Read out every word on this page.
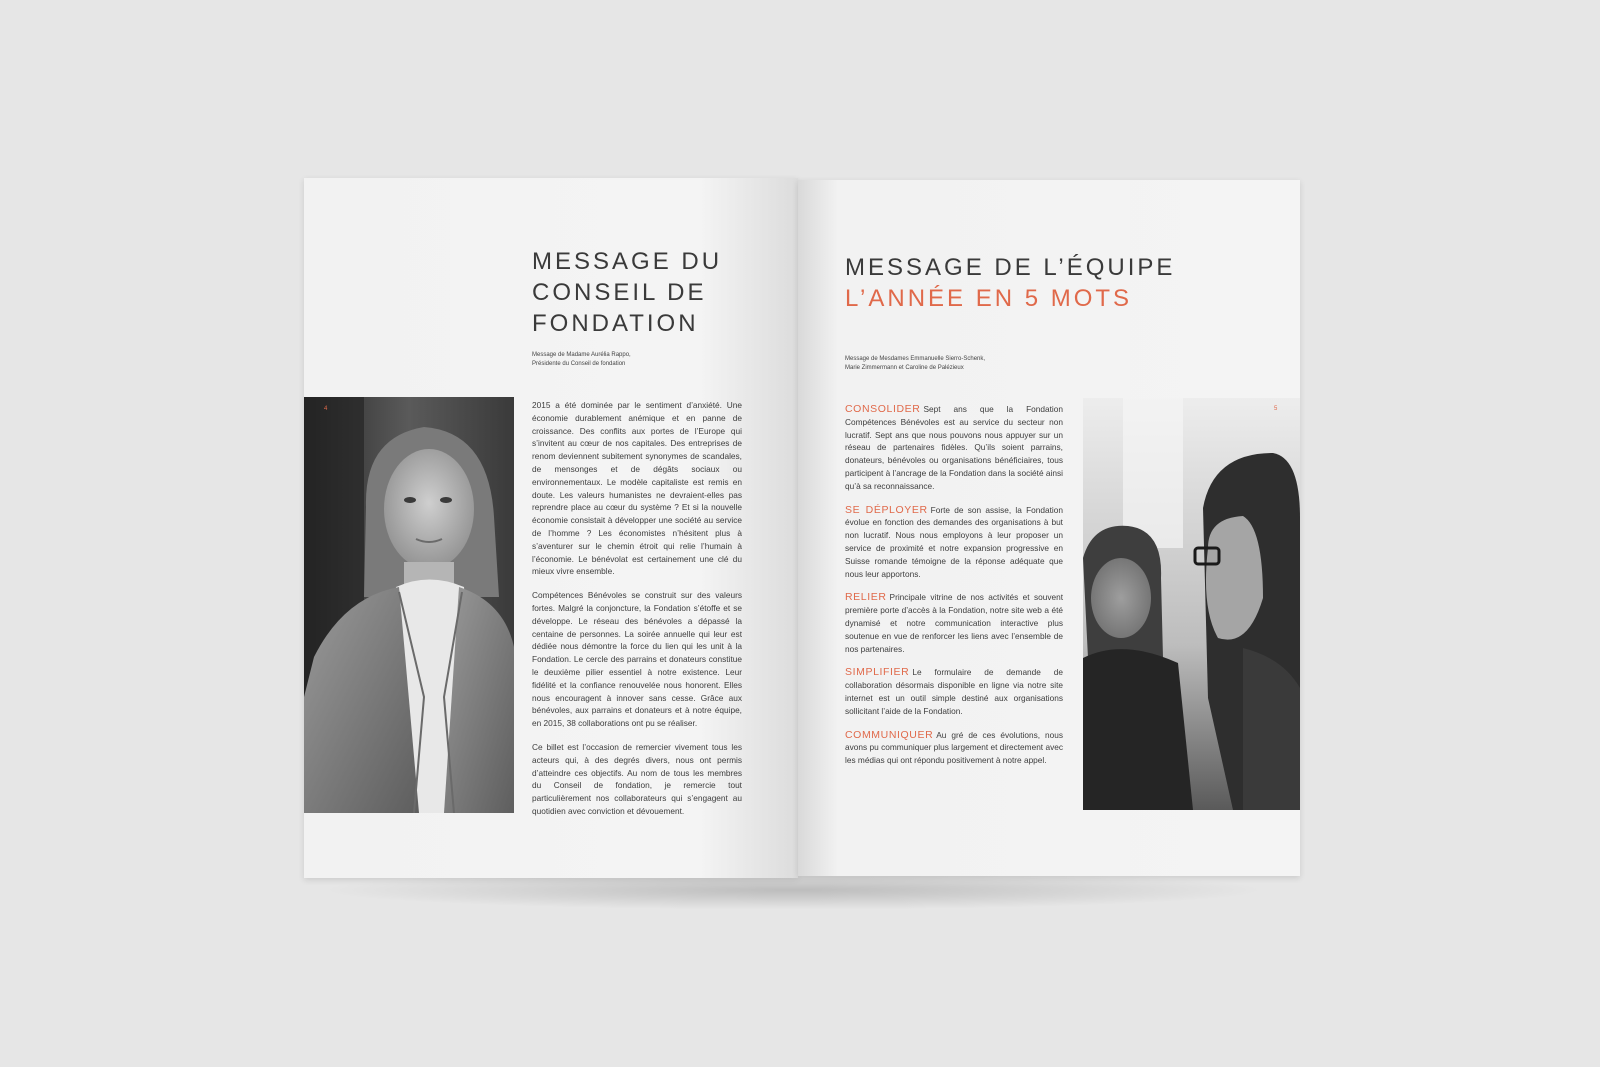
MESSAGE DU
CONSEIL DE
FONDATION
Message de Madame Aurélia Rappo,
Présidente du Conseil de fondation
4	2015 a été dominée par le sentiment d’anxiété. Une économie durablement anémique et en panne de croissance. Des conflits aux portes de l’Europe qui s’invitent au cœur de nos capitales. Des entreprises de renom deviennent subitement synonymes de scandales, de mensonges et de dégâts sociaux ou environnementaux. Le modèle capitaliste est remis en doute. Les valeurs humanistes ne devraient-elles pas reprendre place au cœur du système ? Et si la nouvelle économie consistait à développer une société au service de l’homme ? Les économistes n’hésitent plus à s’aventurer sur le chemin étroit qui relie l’humain à l’économie. Le bénévolat est certainement une clé du mieux vivre ensemble.

Compétences Bénévoles se construit sur des valeurs fortes. Malgré la conjoncture, la Fondation s’étoffe et se développe. Le réseau des bénévoles a dépassé la centaine de personnes. La soirée annuelle qui leur est dédiée nous démontre la force du lien qui les unit à la Fondation. Le cercle des parrains et donateurs constitue le deuxième pilier essentiel à notre existence. Leur fidélité et la confiance renouvelée nous honorent. Elles nous encouragent à innover sans cesse. Grâce aux bénévoles, aux parrains et donateurs et à notre équipe, en 2015, 38 collaborations ont pu se réaliser.

Ce billet est l’occasion de remercier vivement tous les acteurs qui, à des degrés divers, nous ont permis d’atteindre ces objectifs. Au nom de tous les membres du Conseil de fondation, je remercie tout particulièrement nos collaborateurs qui s’engagent au quotidien avec conviction et dévouement.

MESSAGE DE L’ÉQUIPE
L’ANNÉE EN 5 MOTS
Message de Mesdames Emmanuelle Sierro-Schenk,
Marie Zimmermann et Caroline de Palézieux

CONSOLIDER Sept ans que la Fondation Compétences Bénévoles est au service du secteur non lucratif. Sept ans que nous pouvons nous appuyer sur un réseau de partenaires fidèles. Qu’ils soient parrains, donateurs, bénévoles ou organisations bénéficiaires, tous participent à l’ancrage de la Fondation dans la société ainsi qu’à sa reconnaissance.

SE DÉPLOYER Forte de son assise, la Fondation évolue en fonction des demandes des organisations à but non lucratif. Nous nous employons à leur proposer un service de proximité et notre expansion progressive en Suisse romande témoigne de la réponse adéquate que nous leur apportons.

RELIER Principale vitrine de nos activités et souvent première porte d’accès à la Fondation, notre site web a été dynamisé et notre communication interactive plus soutenue en vue de renforcer les liens avec l’ensemble de nos partenaires.

SIMPLIFIER Le formulaire de demande de collaboration désormais disponible en ligne via notre site internet est un outil simple destiné aux organisations sollicitant l’aide de la Fondation.

COMMUNIQUER Au gré de ces évolutions, nous avons pu communiquer plus largement et directement avec les médias qui ont répondu positivement à notre appel.

5
